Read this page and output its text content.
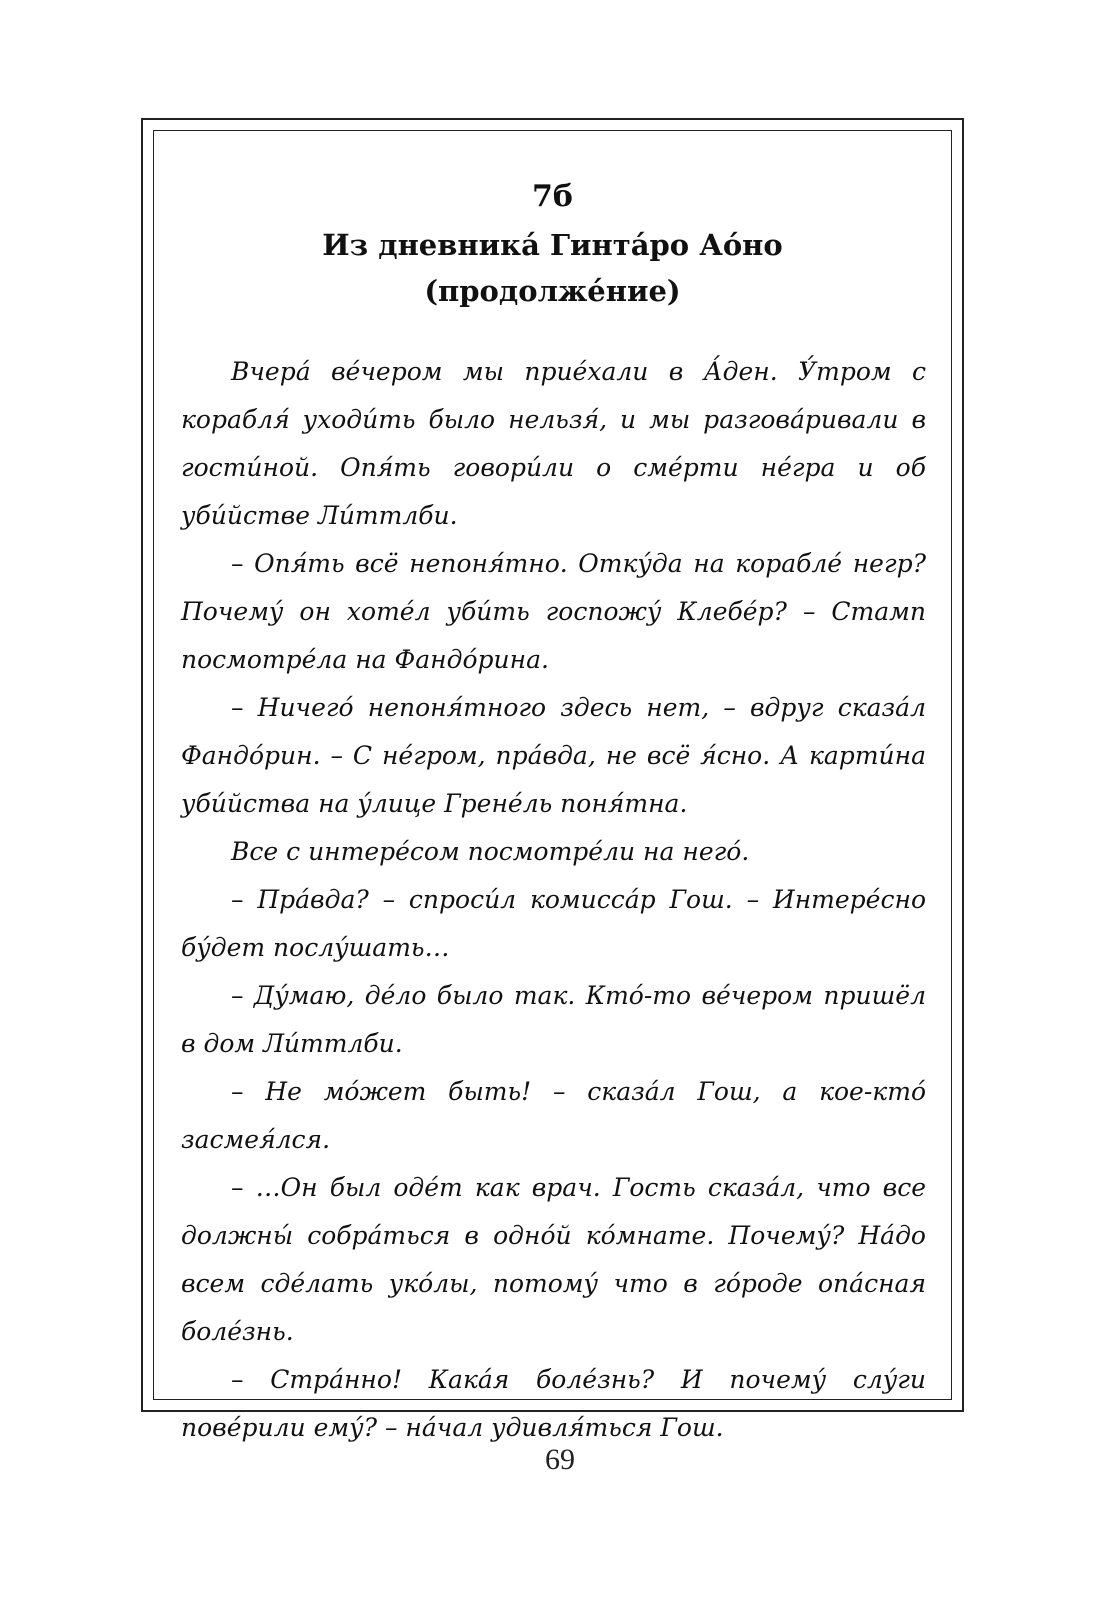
7б
Из дневника́ Гинта́ро Ао́но
(продолже́ние)

Вчера́ ве́чером мы прие́хали в А́ден. У́тром с корабля́ уходи́ть было нельзя́, и мы разгова́ривали в гости́ной. Опя́ть говори́ли о сме́рти не́гра и об уби́йстве Ли́ттлби.

– Опя́ть всё непоня́тно. Отку́да на корабле́ негр? Почему́ он хоте́л уби́ть госпожу́ Клебе́р? – Стамп посмотре́ла на Фандо́рина.

– Ничего́ непоня́тного здесь нет, – вдруг сказа́л Фандо́рин. – С не́гром, пра́вда, не всё я́сно. А карти́на уби́йства на у́лице Грене́ль поня́тна.

Все с интере́сом посмотре́ли на него́.

– Пра́вда? – спроси́л комисса́р Гош. – Интере́сно бу́дет послу́шать…

– Ду́маю, де́ло было так. Кто́-то ве́чером пришёл в дом Ли́ттлби.

– Не мо́жет быть! – сказа́л Гош, а кое-кто́ засмея́лся.

– …Он был оде́т как врач. Гость сказа́л, что все должны́ собра́ться в одно́й ко́мнате. Почему́? На́до всем сде́лать уко́лы, потому́ что в го́роде опа́сная боле́знь.

– Стра́нно! Кака́я боле́знь? И почему́ слу́ги пове́рили ему́? – на́чал удивля́ться Гош.

69
